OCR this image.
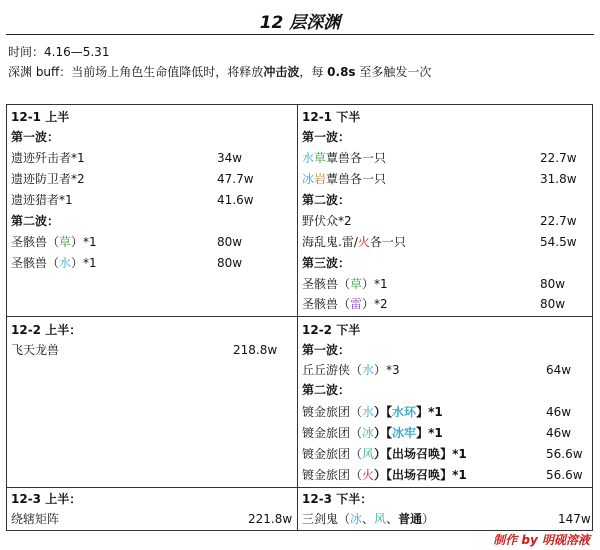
12 层深渊
时间：4.16—5.31
深渊 buff：当前场上角色生命值降低时，将释放冲击波，每 0.8s 至多触发一次
12-1 上半
第一波：
遗迹歼击者*1	34w
遗迹防卫者*2	47.7w
遗迹猎者*1	41.6w
第二波：
圣骸兽（草）*1	80w
圣骸兽（水）*1	80w
12-1 下半
第一波：
水草蕈兽各一只	22.7w
冰岩蕈兽各一只	31.8w
第二波：
野伏众*2	22.7w
海乱鬼.雷/火各一只	54.5w
第三波：
圣骸兽（草）*1	80w
圣骸兽（雷）*2	80w
12-2 上半：
飞天龙兽	218.8w
12-2 下半
第一波：
丘丘游侠（水）*3	64w
第二波：
镀金旅团（水）【水环】*1	46w
镀金旅团（冰）【冰牢】*1	46w
镀金旅团（风）【出场召唤】*1	56.6w
镀金旅团（火）【出场召唤】*1	56.6w
12-3 上半：
绕辖矩阵	221.8w
12-3 下半：
三剑鬼（冰、风、普通）	147w
制作 by 明砚溶液
